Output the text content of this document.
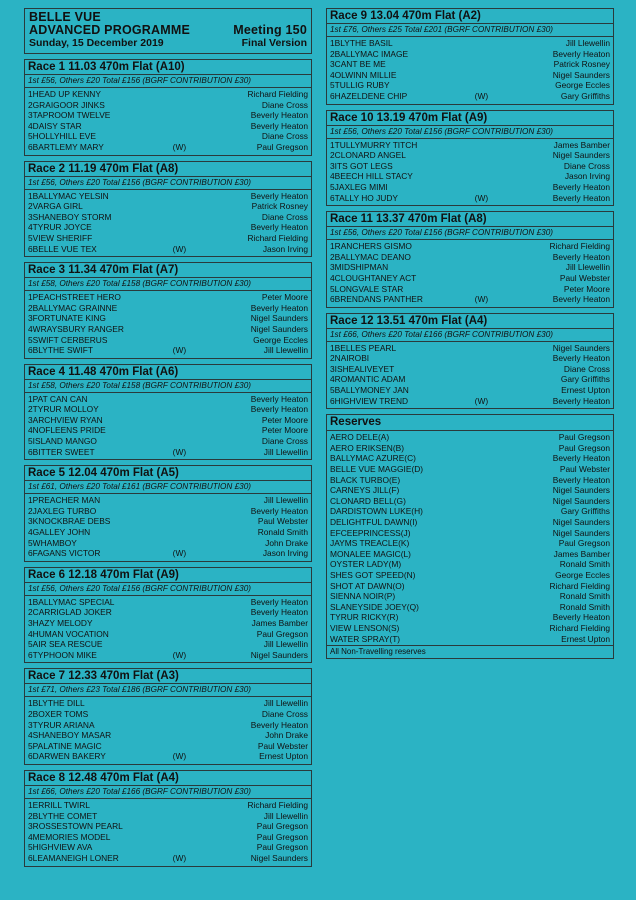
BELLE VUE
ADVANCED PROGRAMME	Meeting 150
Sunday, 15 December 2019	Final Version
Race 1 11.03 470m Flat (A10)
1st £56, Others £20 Total £156 (BGRF CONTRIBUTION £30)
1 HEAD UP KENNY	Richard Fielding
2 GRAIGOOR JINKS	Diane Cross
3 TAPROOM TWELVE	Beverly Heaton
4 DAISY STAR	Beverly Heaton
5 HOLLYHILL EVE	Diane Cross
6 BARTLEMY MARY	(W)	Paul Gregson
Race 2 11.19 470m Flat (A8)
1st £56, Others £20 Total £156 (BGRF CONTRIBUTION £30)
1 BALLYMAC YELSIN	Beverly Heaton
2 VARGA GIRL	Patrick Rosney
3 SHANEBOY STORM	Diane Cross
4 TYRUR JOYCE	Beverly Heaton
5 VIEW SHERIFF	Richard Fielding
6 BELLE VUE TEX	(W)	Jason Irving
Race 3 11.34 470m Flat (A7)
1st £58, Others £20 Total £158 (BGRF CONTRIBUTION £30)
1 PEACHSTREET HERO	Peter Moore
2 BALLYMAC GRAINNE	Beverly Heaton
3 FORTUNATE KING	Nigel Saunders
4 WRAYSBURY RANGER	Nigel Saunders
5 SWIFT CERBERUS	George Eccles
6 BLYTHE SWIFT	(W)	Jill Llewellin
Race 4 11.48 470m Flat (A6)
1st £58, Others £20 Total £158 (BGRF CONTRIBUTION £30)
1 PAT CAN CAN	Beverly Heaton
2 TYRUR MOLLOY	Beverly Heaton
3 ARCHVIEW RYAN	Peter Moore
4 NOFLEENS PRIDE	Peter Moore
5 ISLAND MANGO	Diane Cross
6 BITTER SWEET	(W)	Jill Llewellin
Race 5 12.04 470m Flat (A5)
1st £61, Others £20 Total £161 (BGRF CONTRIBUTION £30)
1 PREACHER MAN	Jill Llewellin
2 JAXLEG TURBO	Beverly Heaton
3 KNOCKBRAE DEBS	Paul Webster
4 GALLEY JOHN	Ronald Smith
5 WHAMBOY	John Drake
6 FAGANS VICTOR	(W)	Jason Irving
Race 6 12.18 470m Flat (A9)
1st £56, Others £20 Total £156 (BGRF CONTRIBUTION £30)
1 BALLYMAC SPECIAL	Beverly Heaton
2 CARRIGLAD JOKER	Beverly Heaton
3 HAZY MELODY	James Bamber
4 HUMAN VOCATION	Paul Gregson
5 AIR SEA RESCUE	Jill Llewellin
6 TYPHOON MIKE	(W)	Nigel Saunders
Race 7 12.33 470m Flat (A3)
1st £71, Others £23 Total £186 (BGRF CONTRIBUTION £30)
1 BLYTHE DILL	Jill Llewellin
2 BOXER TOMS	Diane Cross
3 TYRUR ARIANA	Beverly Heaton
4 SHANEBOY MASAR	John Drake
5 PALATINE MAGIC	Paul Webster
6 DARWEN BAKERY	(W)	Ernest Upton
Race 8 12.48 470m Flat (A4)
1st £66, Others £20 Total £166 (BGRF CONTRIBUTION £30)
1 ERRILL TWIRL	Richard Fielding
2 BLYTHE COMET	Jill Llewellin
3 ROSSESTOWN PEARL	Paul Gregson
4 MEMORIES MODEL	Paul Gregson
5 HIGHVIEW AVA	Paul Gregson
6 LEAMANEIGH LONER	(W)	Nigel Saunders
Race 9 13.04 470m Flat (A2)
1st £76, Others £25 Total £201 (BGRF CONTRIBUTION £30)
1 BLYTHE BASIL	Jill Llewellin
2 BALLYMAC IMAGE	Beverly Heaton
3 CANT BE ME	Patrick Rosney
4 OLWINN MILLIE	Nigel Saunders
5 TULLIG RUBY	George Eccles
6 HAZELDENE CHIP	(W)	Gary Griffiths
Race 10 13.19 470m Flat (A9)
1st £56, Others £20 Total £156 (BGRF CONTRIBUTION £30)
1 TULLYMURRY TITCH	James Bamber
2 CLONARD ANGEL	Nigel Saunders
3 ITS GOT LEGS	Diane Cross
4 BEECH HILL STACY	Jason Irving
5 JAXLEG MIMI	Beverly Heaton
6 TALLY HO JUDY	(W)	Beverly Heaton
Race 11 13.37 470m Flat (A8)
1st £56, Others £20 Total £156 (BGRF CONTRIBUTION £30)
1 RANCHERS GISMO	Richard Fielding
2 BALLYMAC DEANO	Beverly Heaton
3 MIDSHIPMAN	Jill Llewellin
4 CLOUGHTANEY ACT	Paul Webster
5 LONGVALE STAR	Peter Moore
6 BRENDANS PANTHER	(W)	Beverly Heaton
Race 12 13.51 470m Flat (A4)
1st £66, Others £20 Total £166 (BGRF CONTRIBUTION £30)
1 BELLES PEARL	Nigel Saunders
2 NAIROBI	Beverly Heaton
3 ISHEALIVEYET	Diane Cross
4 ROMANTIC ADAM	Gary Griffiths
5 BALLYMONEY JAN	Ernest Upton
6 HIGHVIEW TREND	(W)	Beverly Heaton
Reserves
AERO DELE(A)	Paul Gregson
AERO ERIKSEN(B)	Paul Gregson
BALLYMAC AZURE(C)	Beverly Heaton
BELLE VUE MAGGIE(D)	Paul Webster
BLACK TURBO(E)	Beverly Heaton
CARNEYS JILL(F)	Nigel Saunders
CLONARD BELL(G)	Nigel Saunders
DARDISTOWN LUKE(H)	Gary Griffiths
DELIGHTFUL DAWN(I)	Nigel Saunders
EFCEEPRINCESS(J)	Nigel Saunders
JAYMS TREACLE(K)	Paul Gregson
MONALEE MAGIC(L)	James Bamber
OYSTER LADY(M)	Ronald Smith
SHES GOT SPEED(N)	George Eccles
SHOT AT DAWN(O)	Richard Fielding
SIENNA NOIR(P)	Ronald Smith
SLANEYSIDE JOEY(Q)	Ronald Smith
TYRUR RICKY(R)	Beverly Heaton
VIEW LENSON(S)	Richard Fielding
WATER SPRAY(T)	Ernest Upton
All Non-Travelling reserves
